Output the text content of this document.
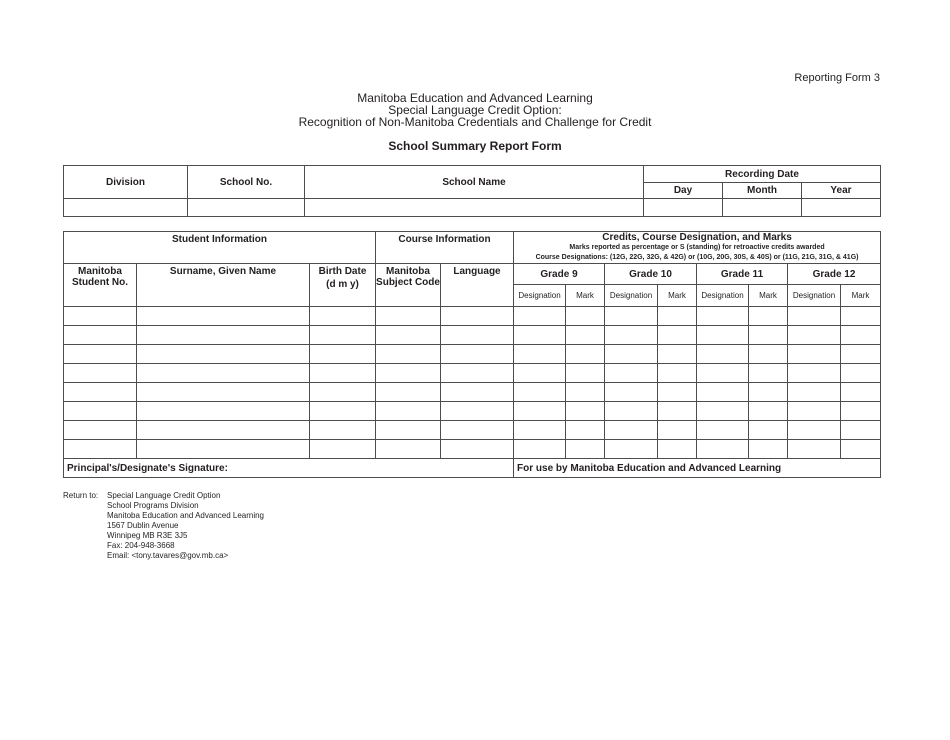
Reporting Form 3
Manitoba Education and Advanced Learning
Special Language Credit Option:
Recognition of Non-Manitoba Credentials and Challenge for Credit
School Summary Report Form
Division	School No.	School Name	Recording Date		
			Day	Month	Year

Student Information			Course Information		Credits, Course Designation, and Marks
Marks reported as percentage or S (standing) for retroactive credits awarded
Course Designations: (12G, 22G, 32G, & 42G) or (10G, 20G, 30S, & 40S) or (11G, 21G, 31G, & 41G)							

Manitoba Student No.	Surname, Given Name	Birth Date
(d m y)	Manitoba Subject Code	Language	Grade 9		Grade 10		Grade 11		Grade 12	
					Designation	Mark	Designation	Mark	Designation	Mark	Designation	Mark

Principal's/Designate's Signature:					For use by Manitoba Education and Advanced Learning							
Return to:	Special Language Credit Option
School Programs Division
Manitoba Education and Advanced Learning
1567 Dublin Avenue
Winnipeg MB R3E 3J5
Fax: 204-948-3668
Email: <tony.tavares@gov.mb.ca>
